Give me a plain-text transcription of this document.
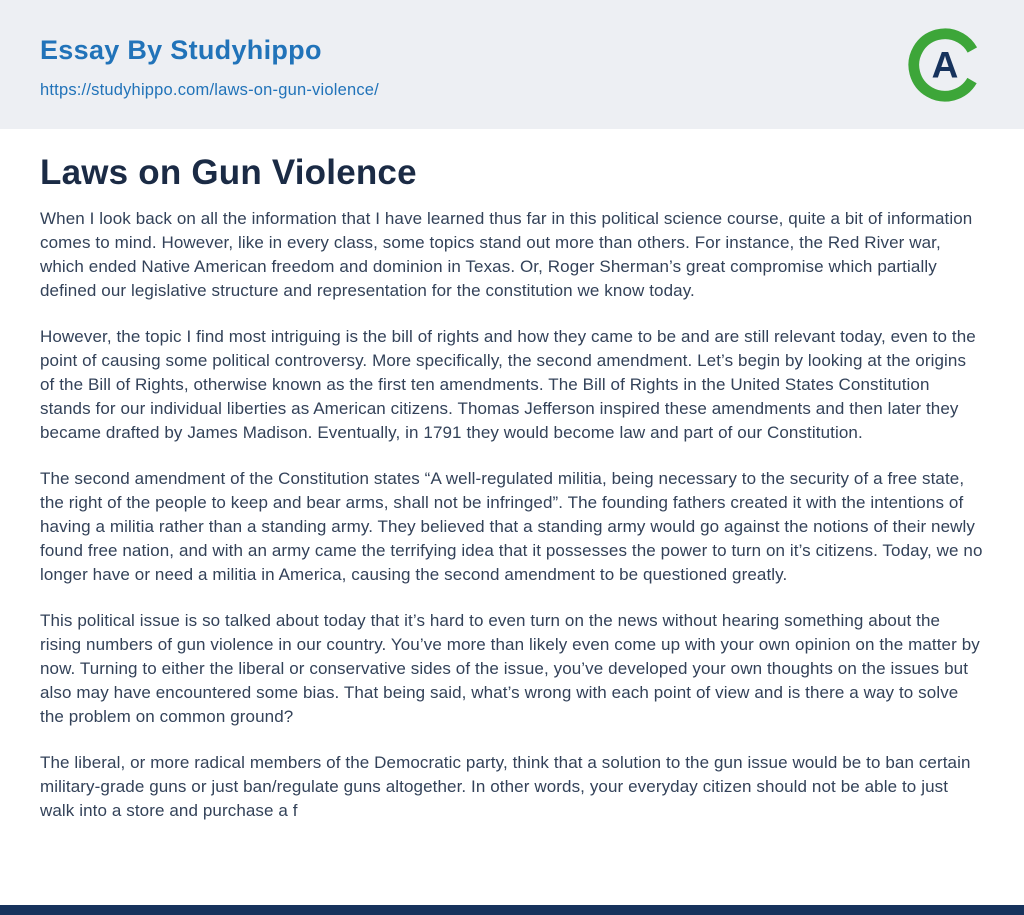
Essay By Studyhippo
https://studyhippo.com/laws-on-gun-violence/
A
Laws on Gun Violence

When I look back on all the information that I have learned thus far in this political science course, quite a bit of information comes to mind. However, like in every class, some topics stand out more than others. For instance, the Red River war, which ended Native American freedom and dominion in Texas. Or, Roger Sherman’s great compromise which partially defined our legislative structure and representation for the constitution we know today.

However, the topic I find most intriguing is the bill of rights and how they came to be and are still relevant today, even to the point of causing some political controversy. More specifically, the second amendment. Let’s begin by looking at the origins of the Bill of Rights, otherwise known as the first ten amendments. The Bill of Rights in the United States Constitution stands for our individual liberties as American citizens. Thomas Jefferson inspired these amendments and then later they became drafted by James Madison. Eventually, in 1791 they would become law and part of our Constitution.

The second amendment of the Constitution states “A well-regulated militia, being necessary to the security of a free state, the right of the people to keep and bear arms, shall not be infringed”. The founding fathers created it with the intentions of having a militia rather than a standing army. They believed that a standing army would go against the notions of their newly found free nation, and with an army came the terrifying idea that it possesses the power to turn on it’s citizens. Today, we no longer have or need a militia in America, causing the second amendment to be questioned greatly.

This political issue is so talked about today that it’s hard to even turn on the news without hearing something about the rising numbers of gun violence in our country. You’ve more than likely even come up with your own opinion on the matter by now. Turning to either the liberal or conservative sides of the issue, you’ve developed your own thoughts on the issues but also may have encountered some bias. That being said, what’s wrong with each point of view and is there a way to solve the problem on common ground?

The liberal, or more radical members of the Democratic party, think that a solution to the gun issue would be to ban certain military-grade guns or just ban/regulate guns altogether. In other words, your everyday citizen should not be able to just walk into a store and purchase a f
